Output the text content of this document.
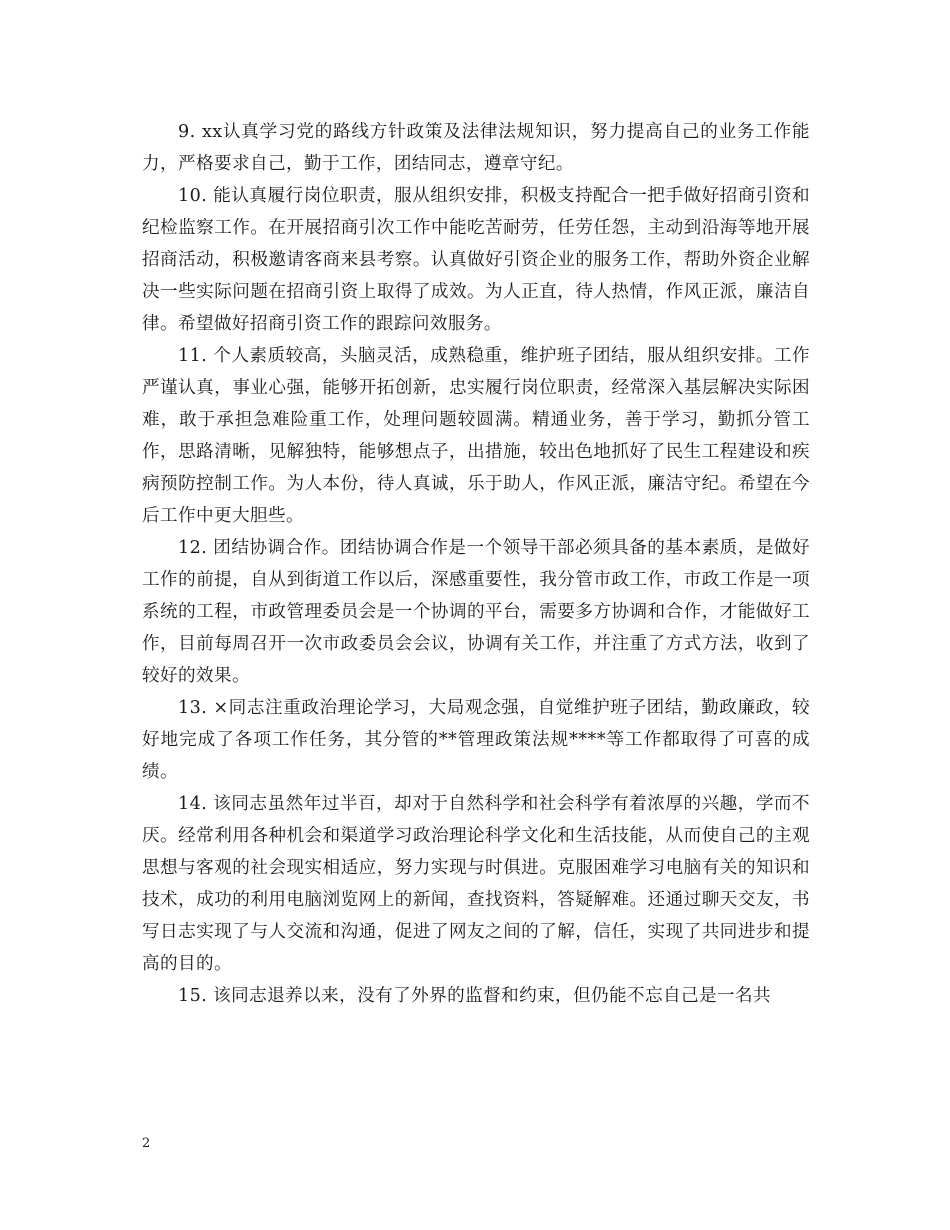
9. xx认真学习党的路线方针政策及法律法规知识，努力提高自己的业务工作能力，严格要求自己，勤于工作，团结同志，遵章守纪。

10. 能认真履行岗位职责，服从组织安排，积极支持配合一把手做好招商引资和纪检监察工作。在开展招商引次工作中能吃苦耐劳，任劳任怨，主动到沿海等地开展招商活动，积极邀请客商来县考察。认真做好引资企业的服务工作，帮助外资企业解决一些实际问题在招商引资上取得了成效。为人正直，待人热情，作风正派，廉洁自律。希望做好招商引资工作的跟踪问效服务。

11. 个人素质较高，头脑灵活，成熟稳重，维护班子团结，服从组织安排。工作严谨认真，事业心强，能够开拓创新，忠实履行岗位职责，经常深入基层解决实际困难，敢于承担急难险重工作，处理问题较圆满。精通业务，善于学习，勤抓分管工作，思路清晰，见解独特，能够想点子，出措施，较出色地抓好了民生工程建设和疾病预防控制工作。为人本份，待人真诚，乐于助人，作风正派，廉洁守纪。希望在今后工作中更大胆些。

12. 团结协调合作。团结协调合作是一个领导干部必须具备的基本素质，是做好工作的前提，自从到街道工作以后，深感重要性，我分管市政工作，市政工作是一项系统的工程，市政管理委员会是一个协调的平台，需要多方协调和合作，才能做好工作，目前每周召开一次市政委员会会议，协调有关工作，并注重了方式方法，收到了较好的效果。

13. ×同志注重政治理论学习，大局观念强，自觉维护班子团结，勤政廉政，较好地完成了各项工作任务，其分管的**管理政策法规****等工作都取得了可喜的成绩。

14. 该同志虽然年过半百，却对于自然科学和社会科学有着浓厚的兴趣，学而不厌。经常利用各种机会和渠道学习政治理论科学文化和生活技能，从而使自己的主观思想与客观的社会现实相适应，努力实现与时俱进。克服困难学习电脑有关的知识和技术，成功的利用电脑浏览网上的新闻，查找资料，答疑解难。还通过聊天交友，书写日志实现了与人交流和沟通，促进了网友之间的了解，信任，实现了共同进步和提高的目的。

15. 该同志退养以来，没有了外界的监督和约束，但仍能不忘自己是一名共

2
